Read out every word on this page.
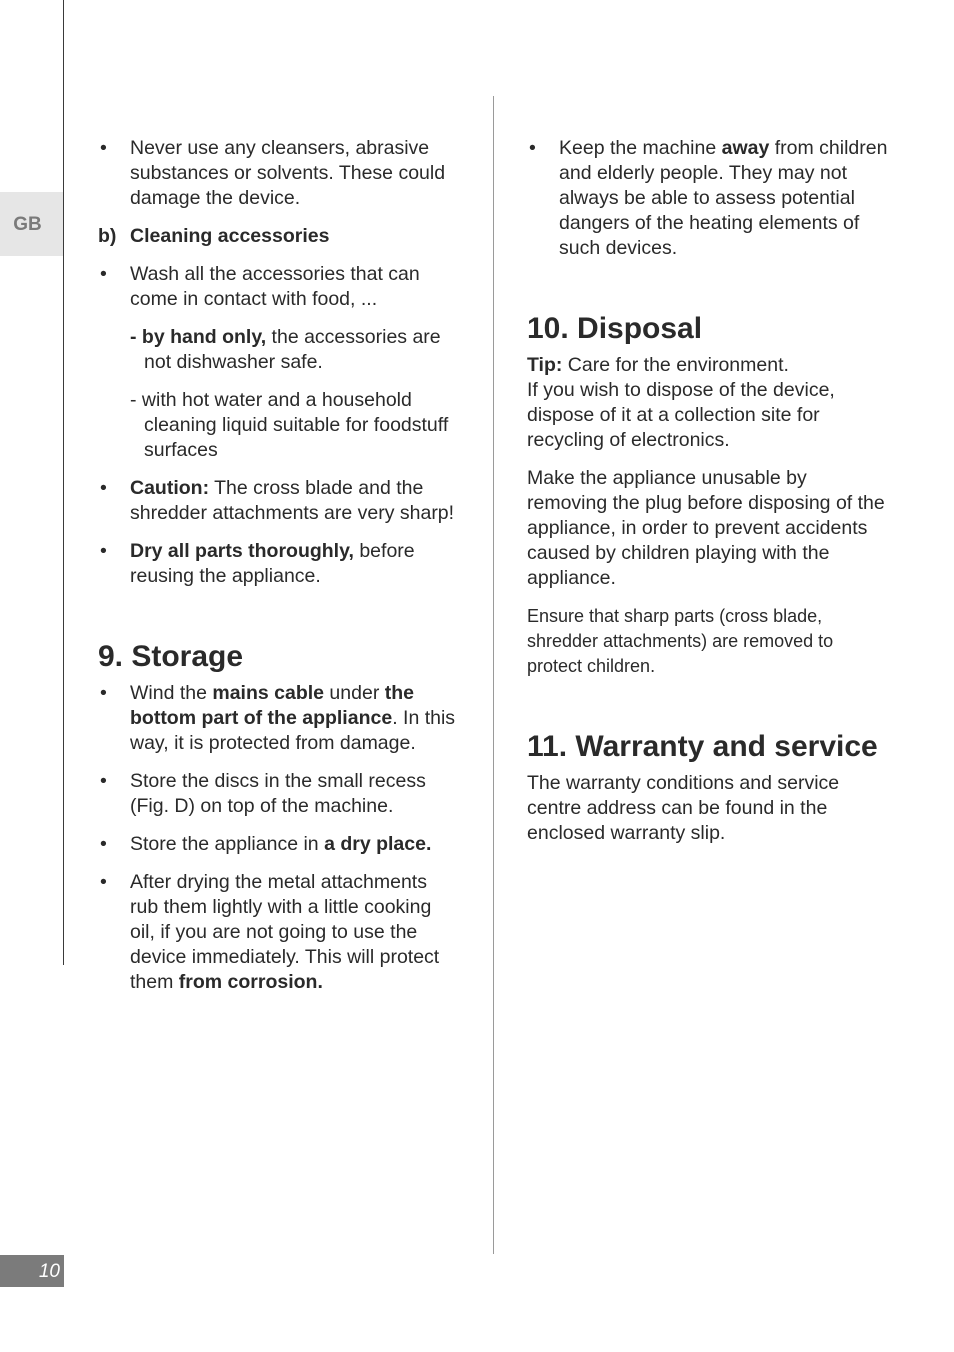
GB
10
• Never use any cleansers, abrasive substances or solvents. These could damage the device.
b) Cleaning accessories
• Wash all the accessories that can come in contact with food, ...
- by hand only, the accessories are not dishwasher safe.
- with hot water and a household cleaning liquid suitable for foodstuff surfaces
• Caution: The cross blade and the shredder attachments are very sharp!
• Dry all parts thoroughly, before reusing the appliance.
9. Storage
• Wind the mains cable under the bottom part of the appliance. In this way, it is protected from damage.
• Store the discs in the small recess (Fig. D) on top of the machine.
• Store the appliance in a dry place.
• After drying the metal attachments rub them lightly with a little cooking oil, if you are not going to use the device immediately. This will protect them from corrosion.
• Keep the machine away from children and elderly people. They may not always be able to assess potential dangers of the heating elements of such devices.
10. Disposal

Tip: Care for the environment.
If you wish to dispose of the device, dispose of it at a collection site for recycling of electronics.

Make the appliance unusable by removing the plug before disposing of the appliance, in order to prevent accidents caused by children playing with the appliance.

Ensure that sharp parts (cross blade, shredder attachments) are removed to protect children.

11. Warranty and service

The warranty conditions and service centre address can be found in the enclosed warranty slip.
